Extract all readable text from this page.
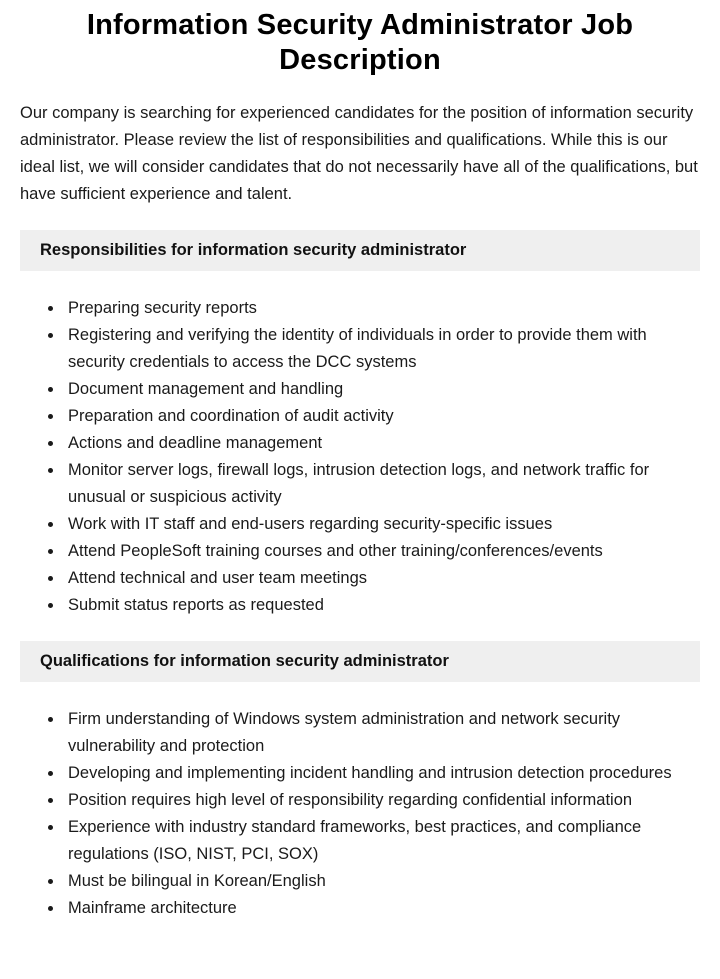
Information Security Administrator Job Description

Our company is searching for experienced candidates for the position of information security administrator. Please review the list of responsibilities and qualifications. While this is our ideal list, we will consider candidates that do not necessarily have all of the qualifications, but have sufficient experience and talent.

Responsibilities for information security administrator
• Preparing security reports
• Registering and verifying the identity of individuals in order to provide them with security credentials to access the DCC systems
• Document management and handling
• Preparation and coordination of audit activity
• Actions and deadline management
• Monitor server logs, firewall logs, intrusion detection logs, and network traffic for unusual or suspicious activity
• Work with IT staff and end-users regarding security-specific issues
• Attend PeopleSoft training courses and other training/conferences/events
• Attend technical and user team meetings
• Submit status reports as requested
Qualifications for information security administrator
• Firm understanding of Windows system administration and network security vulnerability and protection
• Developing and implementing incident handling and intrusion detection procedures
• Position requires high level of responsibility regarding confidential information
• Experience with industry standard frameworks, best practices, and compliance regulations (ISO, NIST, PCI, SOX)
• Must be bilingual in Korean/English
• Mainframe architecture
